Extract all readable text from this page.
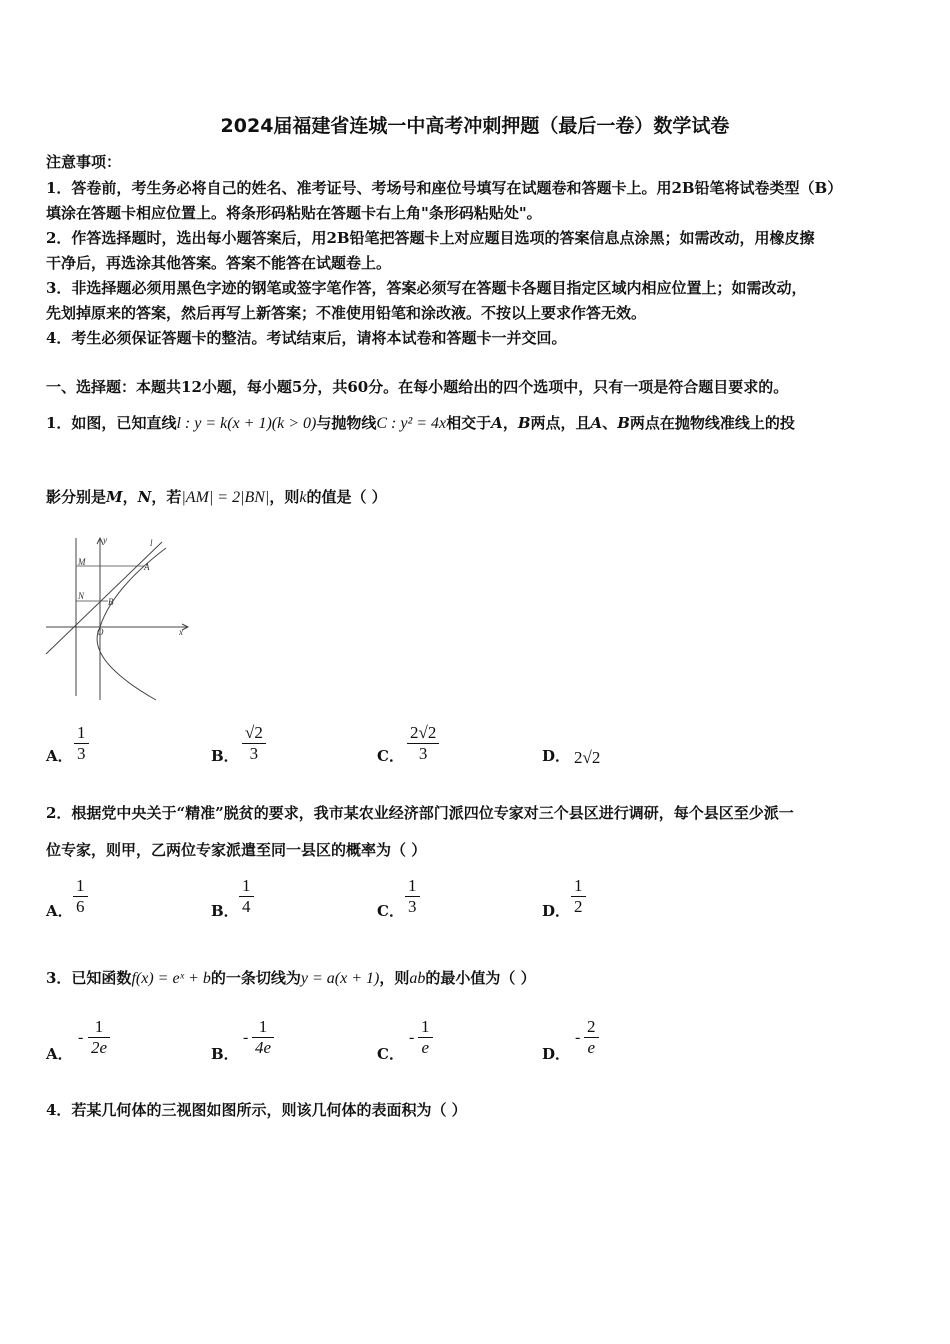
2024届福建省连城一中高考冲刺押题（最后一卷）数学试卷
注意事项：
1．答卷前，考生务必将自己的姓名、准考证号、考场号和座位号填写在试题卷和答题卡上。用2B铅笔将试卷类型（B）
填涂在答题卡相应位置上。将条形码粘贴在答题卡右上角"条形码粘贴处"。
2．作答选择题时，选出每小题答案后，用2B铅笔把答题卡上对应题目选项的答案信息点涂黑；如需改动，用橡皮擦
干净后，再选涂其他答案。答案不能答在试题卷上。
3．非选择题必须用黑色字迹的钢笔或签字笔作答，答案必须写在答题卡各题目指定区域内相应位置上；如需改动，
先划掉原来的答案，然后再写上新答案；不准使用铅笔和涂改液。不按以上要求作答无效。
4．考生必须保证答题卡的整洁。考试结束后，请将本试卷和答题卡一并交回。
一、选择题：本题共12小题，每小题5分，共60分。在每小题给出的四个选项中，只有一项是符合题目要求的。
1．如图，已知直线l : y = k(x + 1)(k > 0)与抛物线C : y² = 4x相交于A，B两点，且A、B两点在抛物线准线上的投
影分别是M，N，若|AM| = 2|BN|，则k的值是（ ）
l
y
M	A
N
B
O	x
A． $\frac{1}{3}$	B． $\frac{√2}{3}$	C． $\frac{2√2}{3}$	D． 2√2
2．根据党中央关于“精准”脱贫的要求，我市某农业经济部门派四位专家对三个县区进行调研，每个县区至少派一
位专家，则甲，乙两位专家派遣至同一县区的概率为（ ）
A． $\frac{1}{6}$	B． $\frac{1}{4}$	C． $\frac{1}{3}$	D． $\frac{1}{2}$
3．已知函数f(x) = eˣ + b的一条切线为y = a(x + 1)，则ab的最小值为（ ）
A．
- $\frac{1}{2e}$	B．
- $\frac{1}{4e}$	C．
- $\frac{1}{e}$	D．
- $\frac{2}{e}$
4．若某几何体的三视图如图所示，则该几何体的表面积为（ ）
